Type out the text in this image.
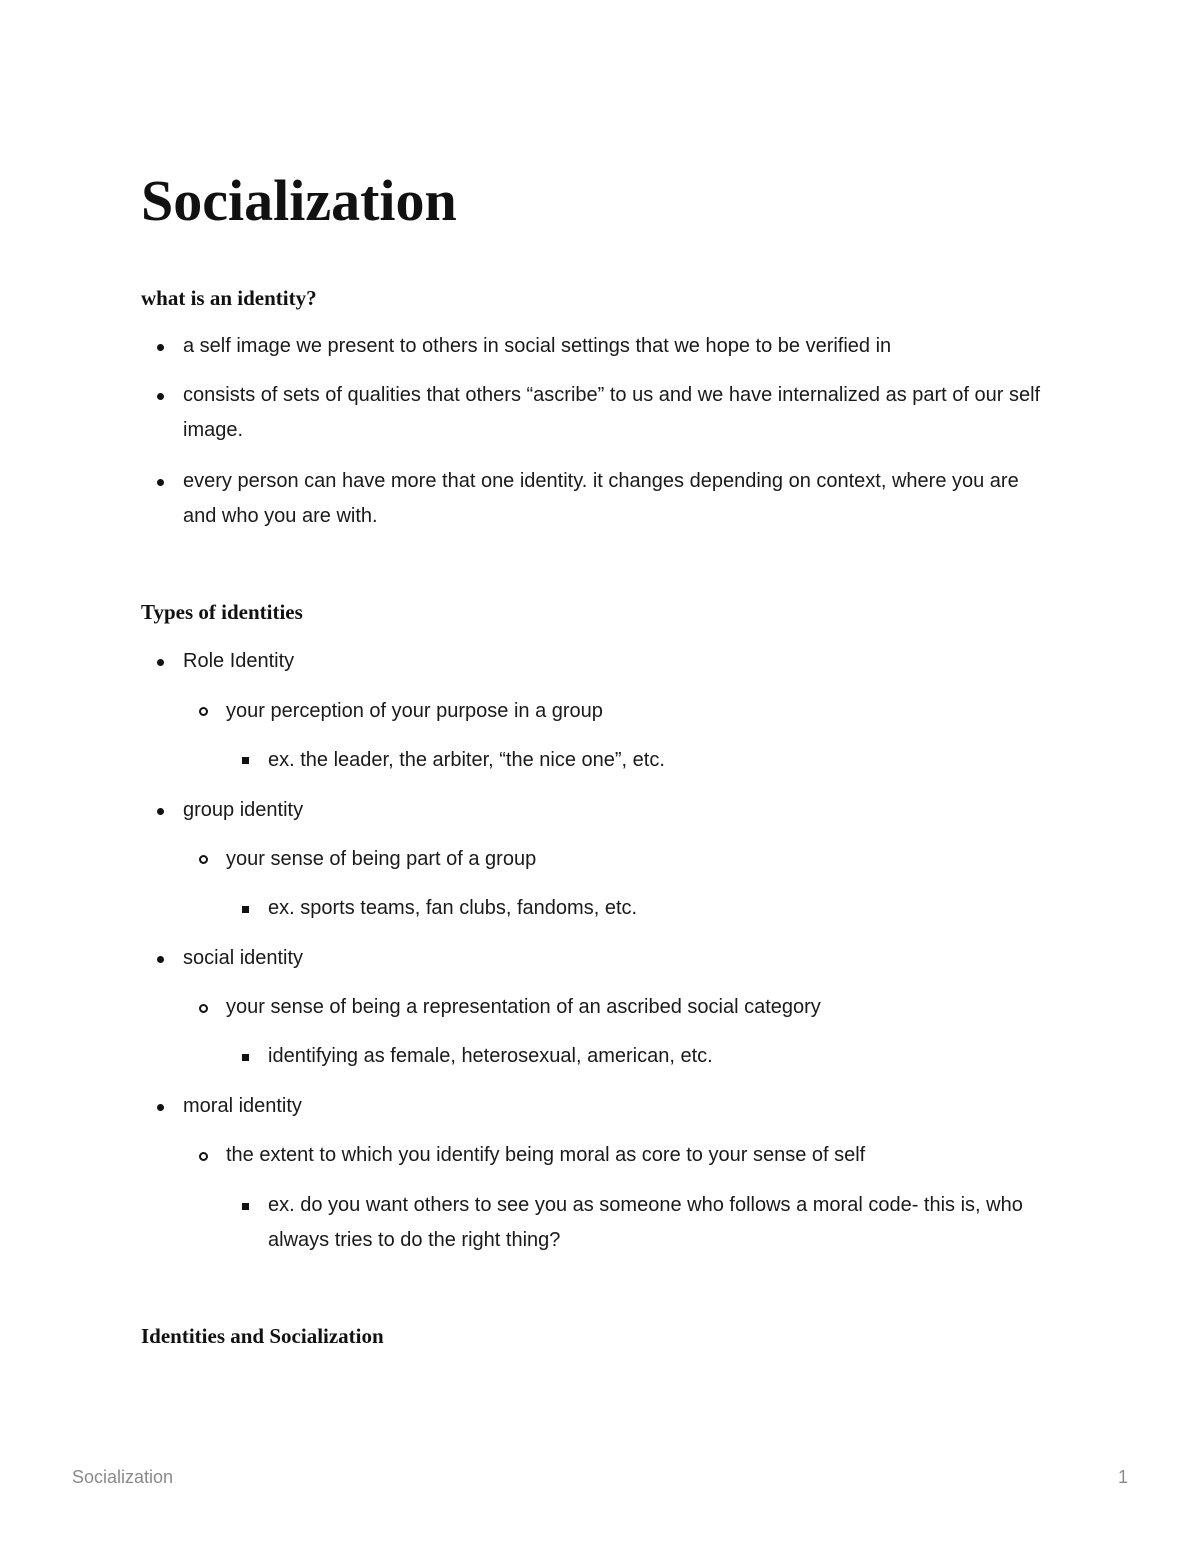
Socialization
what is an identity?
a self image we present to others in social settings that we hope to be verified in
consists of sets of qualities that others “ascribe” to us and we have internalized as part of our self image.
every person can have more that one identity. it changes depending on context, where you are and who you are with.
Types of identities
Role Identity
your perception of your purpose in a group
ex. the leader, the arbiter, “the nice one”, etc.
group identity
your sense of being part of a group
ex. sports teams, fan clubs, fandoms, etc.
social identity
your sense of being a representation of an ascribed social category
identifying as female, heterosexual, american, etc.
moral identity
the extent to which you identify being moral as core to your sense of self
ex. do you want others to see you as someone who follows a moral code- this is, who always tries to do the right thing?
Identities and Socialization
Socialization	1
